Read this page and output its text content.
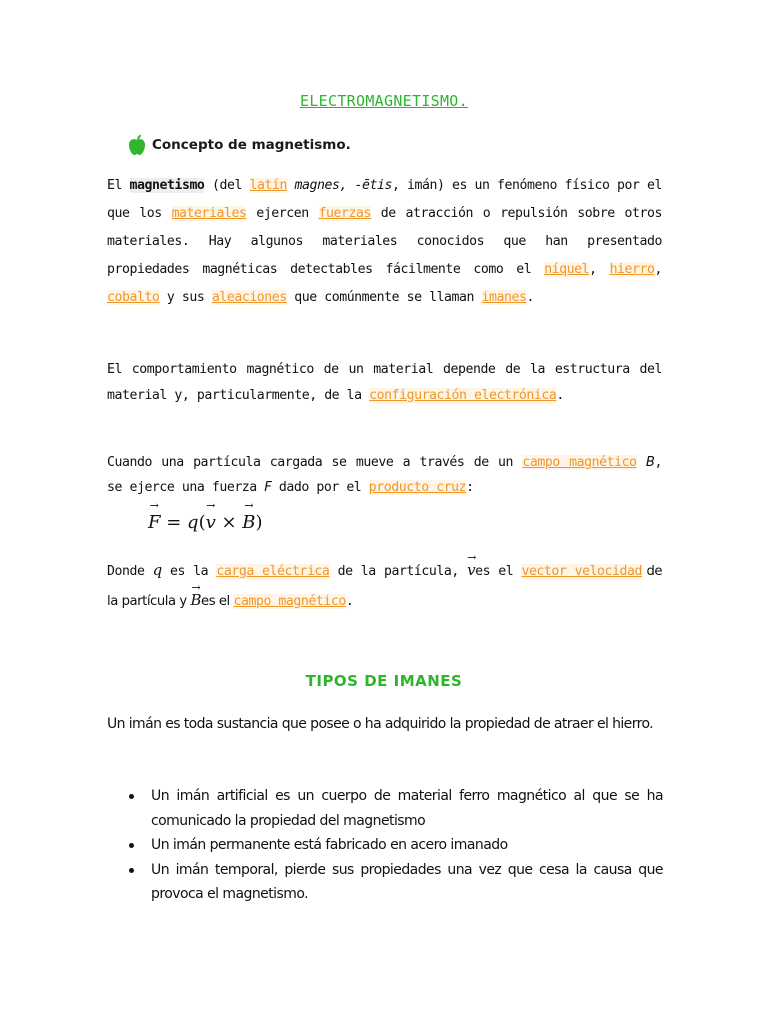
ELECTROMAGNETISMO.
Concepto de magnetismo.
El magnetismo (del latín magnes, -ētis, imán) es un fenómeno físico por el que los materiales ejercen fuerzas de atracción o repulsión sobre otros materiales. Hay algunos materiales conocidos que han presentado propiedades magnéticas detectables fácilmente como el níquel, hierro, cobalto y sus aleaciones que comúnmente se llaman imanes.
El comportamiento magnético de un material depende de la estructura del material y, particularmente, de la configuración electrónica.
Cuando una partícula cargada se mueve a través de un campo magnético B, se ejerce una fuerza F dado por el producto cruz:
→ F = q(→ v × → B)
Donde q es la carga eléctrica de la partícula, → ves el vector velocidad de la partícula y → Bes el campo magnético.
TIPOS DE IMANES
Un imán es toda sustancia que posee o ha adquirido la propiedad de atraer el hierro.
Un imán artificial es un cuerpo de material ferro magnético al que se ha comunicado la propiedad del magnetismo
Un imán permanente está fabricado en acero imanado
Un imán temporal, pierde sus propiedades una vez que cesa la causa que provoca el magnetismo.
